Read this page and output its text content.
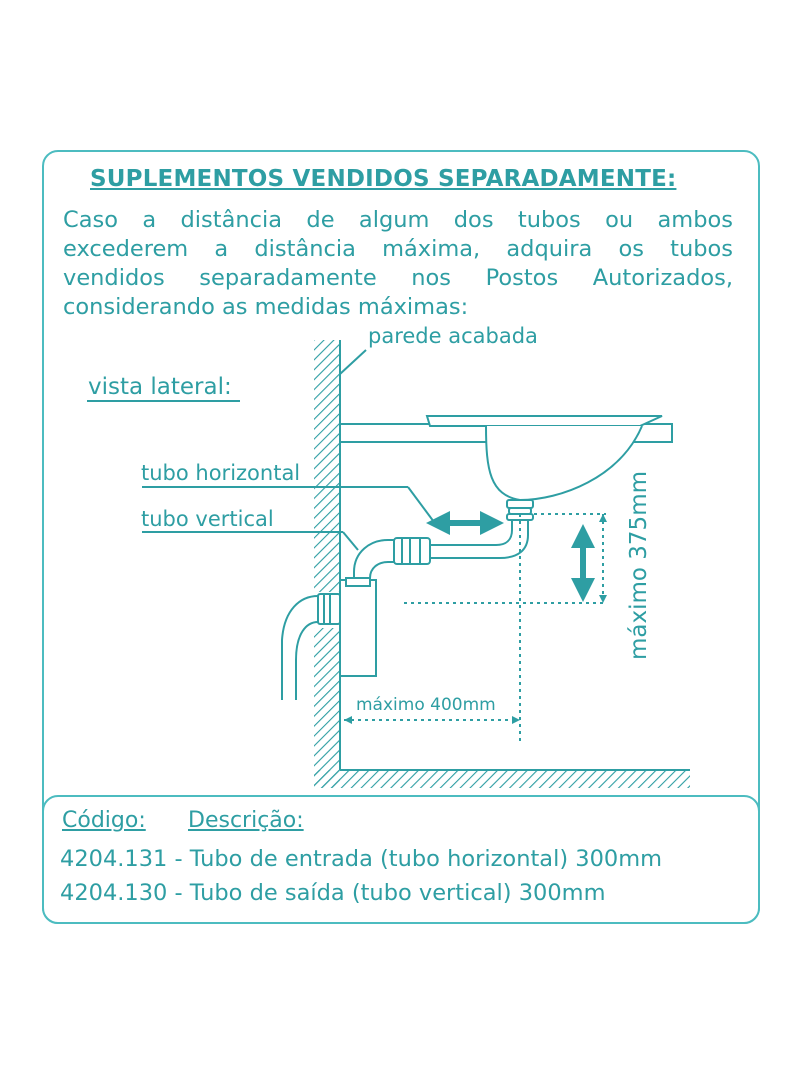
SUPLEMENTOS VENDIDOS SEPARADAMENTE:
Caso a distância de algum dos tubos ou ambos
excederem a distância máxima, adquira os tubos
vendidos separadamente nos Postos Autorizados,
considerando as medidas máximas:
parede acabada
vista lateral:
tubo horizontal
tubo vertical
máximo 400mm
máximo 375mm
Código: Descrição:
4204.131 - Tubo de entrada (tubo horizontal) 300mm
4204.130 - Tubo de saída (tubo vertical) 300mm
